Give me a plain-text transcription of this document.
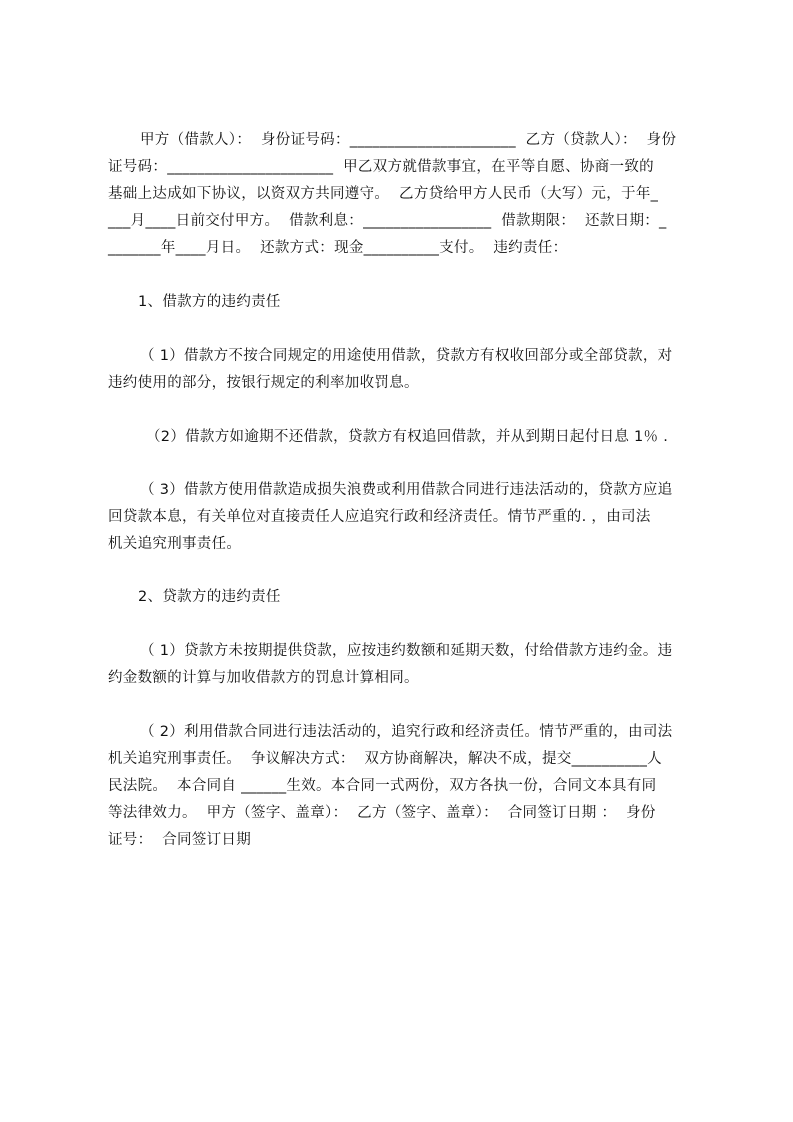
甲方（借款人）：  身份证号码：______________________  乙方（贷款人）：  身份
证号码：______________________  甲乙双方就借款事宜，在平等自愿、协商一致的
基础上达成如下协议，以资双方共同遵守。  乙方贷给甲方人民币（大写）元，于年_
___月____日前交付甲方。  借款利息：_________________  借款期限：  还款日期：_
_______年____月日。  还款方式：现金__________支付。  违约责任：
1、借款方的违约责任
（ 1）借款方不按合同规定的用途使用借款，贷款方有权收回部分或全部贷款，对
违约使用的部分，按银行规定的利率加收罚息。
（2）借款方如逾期不还借款，贷款方有权追回借款，并从到期日起付日息 1％ .
（ 3）借款方使用借款造成损失浪费或利用借款合同进行违法活动的，贷款方应追
回贷款本息，有关单位对直接责任人应追究行政和经济责任。情节严重的. ，由司法
机关追究刑事责任。
2、贷款方的违约责任
（ 1）贷款方未按期提供贷款，应按违约数额和延期天数，付给借款方违约金。违
约金数额的计算与加收借款方的罚息计算相同。
（ 2）利用借款合同进行违法活动的，追究行政和经济责任。情节严重的，由司法
机关追究刑事责任。  争议解决方式：  双方协商解决，解决不成，提交__________人
民法院。  本合同自 ______生效。本合同一式两份，双方各执一份，合同文本具有同
等法律效力。  甲方（签字、盖章）：  乙方（签字、盖章）：  合同签订日期 ：  身份
证号：  合同签订日期
